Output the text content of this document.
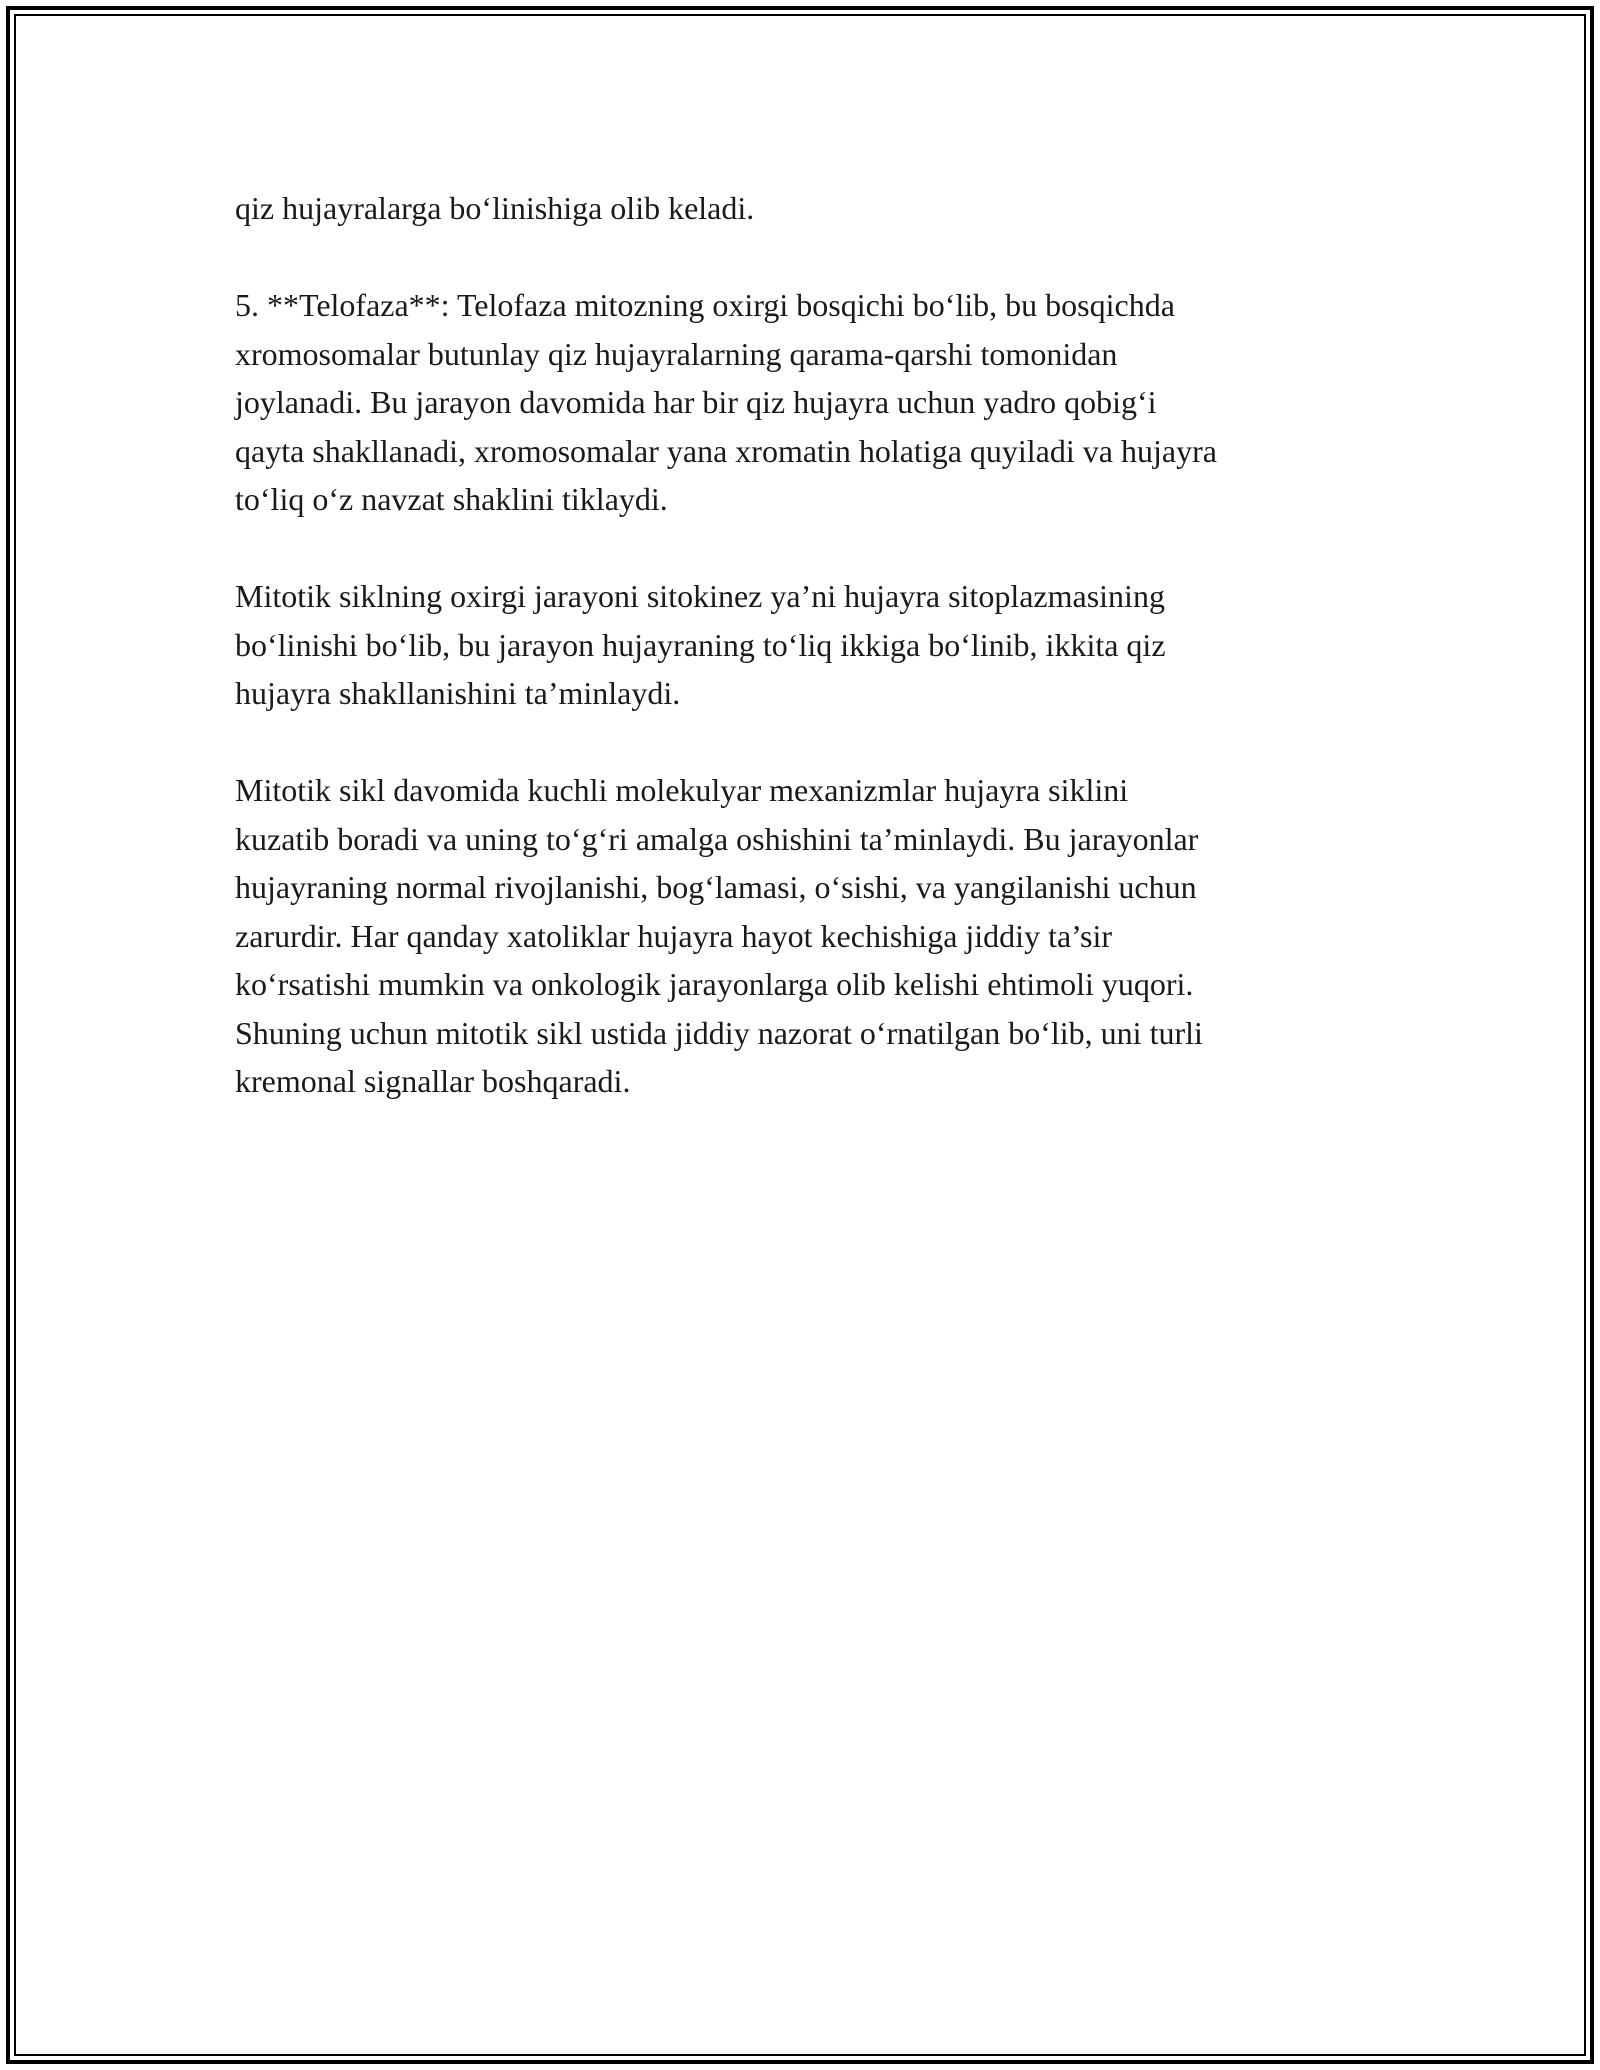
qiz hujayralarga bo‘linishiga olib keladi.

5. **Telofaza**: Telofaza mitozning oxirgi bosqichi bo‘lib, bu bosqichda
xromosomalar butunlay qiz hujayralarning qarama-qarshi tomonidan
joylanadi. Bu jarayon davomida har bir qiz hujayra uchun yadro qobig‘i
qayta shakllanadi, xromosomalar yana xromatin holatiga quyiladi va hujayra
to‘liq o‘z navzat shaklini tiklaydi.

Mitotik siklning oxirgi jarayoni sitokinez ya’ni hujayra sitoplazmasining
bo‘linishi bo‘lib, bu jarayon hujayraning to‘liq ikkiga bo‘linib, ikkita qiz
hujayra shakllanishini ta’minlaydi.

Mitotik sikl davomida kuchli molekulyar mexanizmlar hujayra siklini
kuzatib boradi va uning to‘g‘ri amalga oshishini ta’minlaydi. Bu jarayonlar
hujayraning normal rivojlanishi, bog‘lamasi, o‘sishi, va yangilanishi uchun
zarurdir. Har qanday xatoliklar hujayra hayot kechishiga jiddiy ta’sir
ko‘rsatishi mumkin va onkologik jarayonlarga olib kelishi ehtimoli yuqori.
Shuning uchun mitotik sikl ustida jiddiy nazorat o‘rnatilgan bo‘lib, uni turli
kremonal signallar boshqaradi.
